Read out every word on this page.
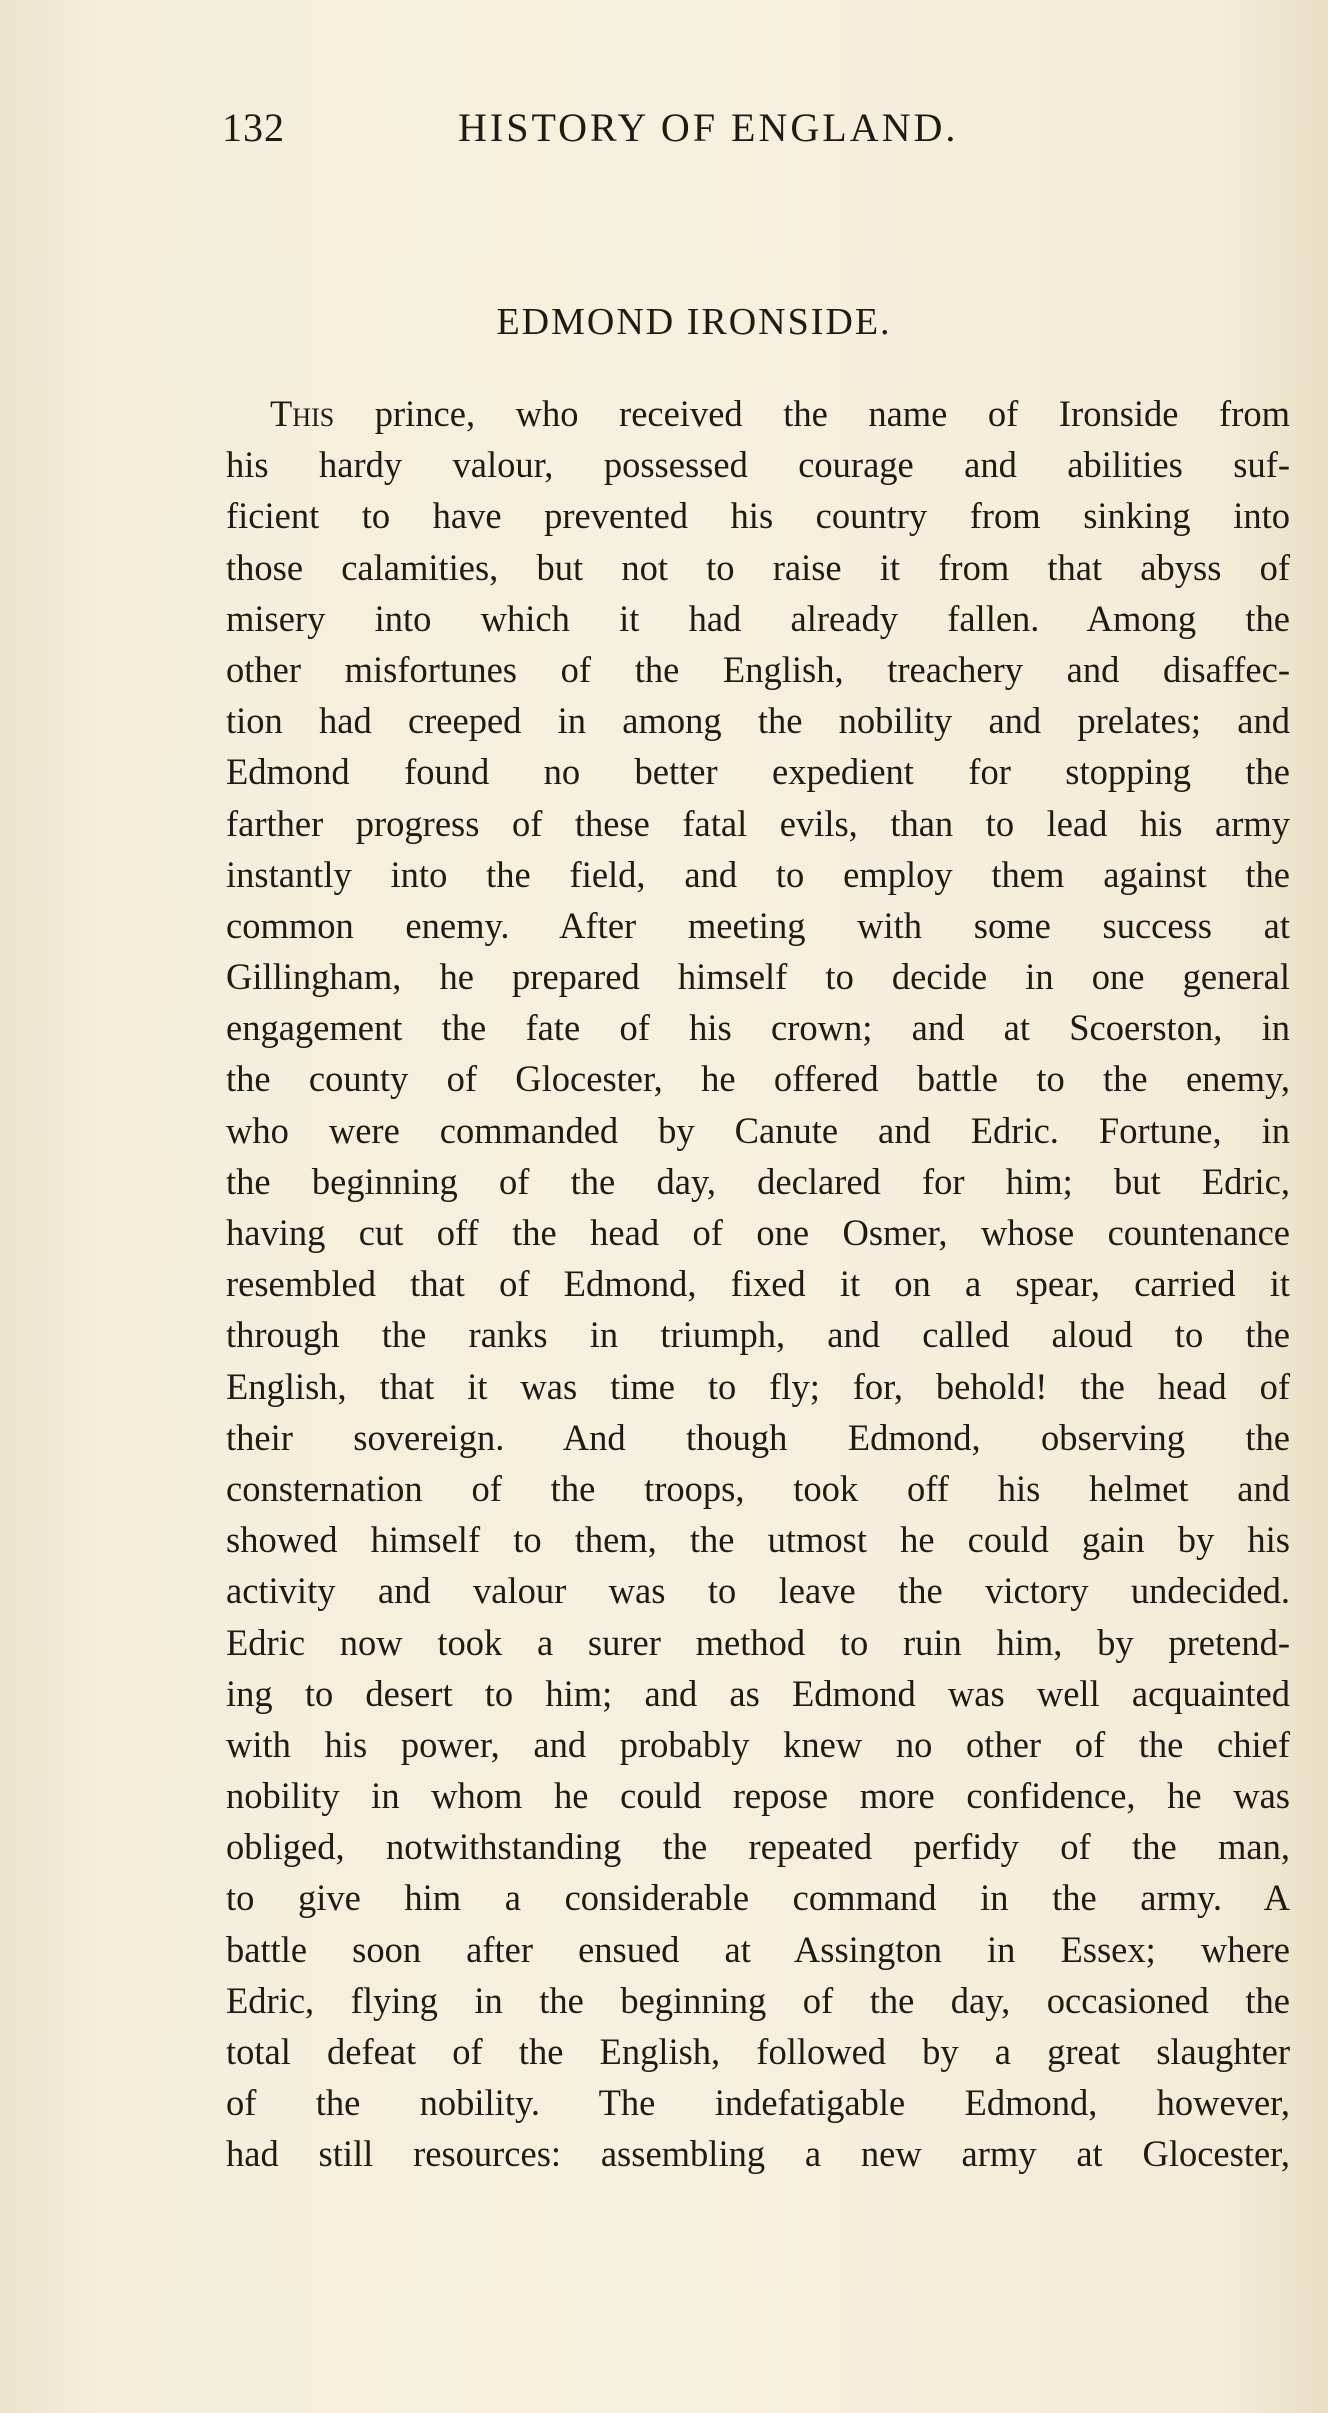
132	HISTORY OF ENGLAND.
EDMOND IRONSIDE.
This prince, who received the name of Ironside from
his hardy valour, possessed courage and abilities suf-
ficient to have prevented his country from sinking into
those calamities, but not to raise it from that abyss of
misery into which it had already fallen. Among the
other misfortunes of the English, treachery and disaffec-
tion had creeped in among the nobility and prelates; and
Edmond found no better expedient for stopping the
farther progress of these fatal evils, than to lead his army
instantly into the field, and to employ them against the
common enemy. After meeting with some success at
Gillingham, he prepared himself to decide in one general
engagement the fate of his crown; and at Scoerston, in
the county of Glocester, he offered battle to the enemy,
who were commanded by Canute and Edric. Fortune, in
the beginning of the day, declared for him; but Edric,
having cut off the head of one Osmer, whose countenance
resembled that of Edmond, fixed it on a spear, carried it
through the ranks in triumph, and called aloud to the
English, that it was time to fly; for, behold! the head of
their sovereign. And though Edmond, observing the
consternation of the troops, took off his helmet and
showed himself to them, the utmost he could gain by his
activity and valour was to leave the victory undecided.
Edric now took a surer method to ruin him, by pretend-
ing to desert to him; and as Edmond was well acquainted
with his power, and probably knew no other of the chief
nobility in whom he could repose more confidence, he was
obliged, notwithstanding the repeated perfidy of the man,
to give him a considerable command in the army. A
battle soon after ensued at Assington in Essex; where
Edric, flying in the beginning of the day, occasioned the
total defeat of the English, followed by a great slaughter
of the nobility. The indefatigable Edmond, however,
had still resources: assembling a new army at Glocester,
